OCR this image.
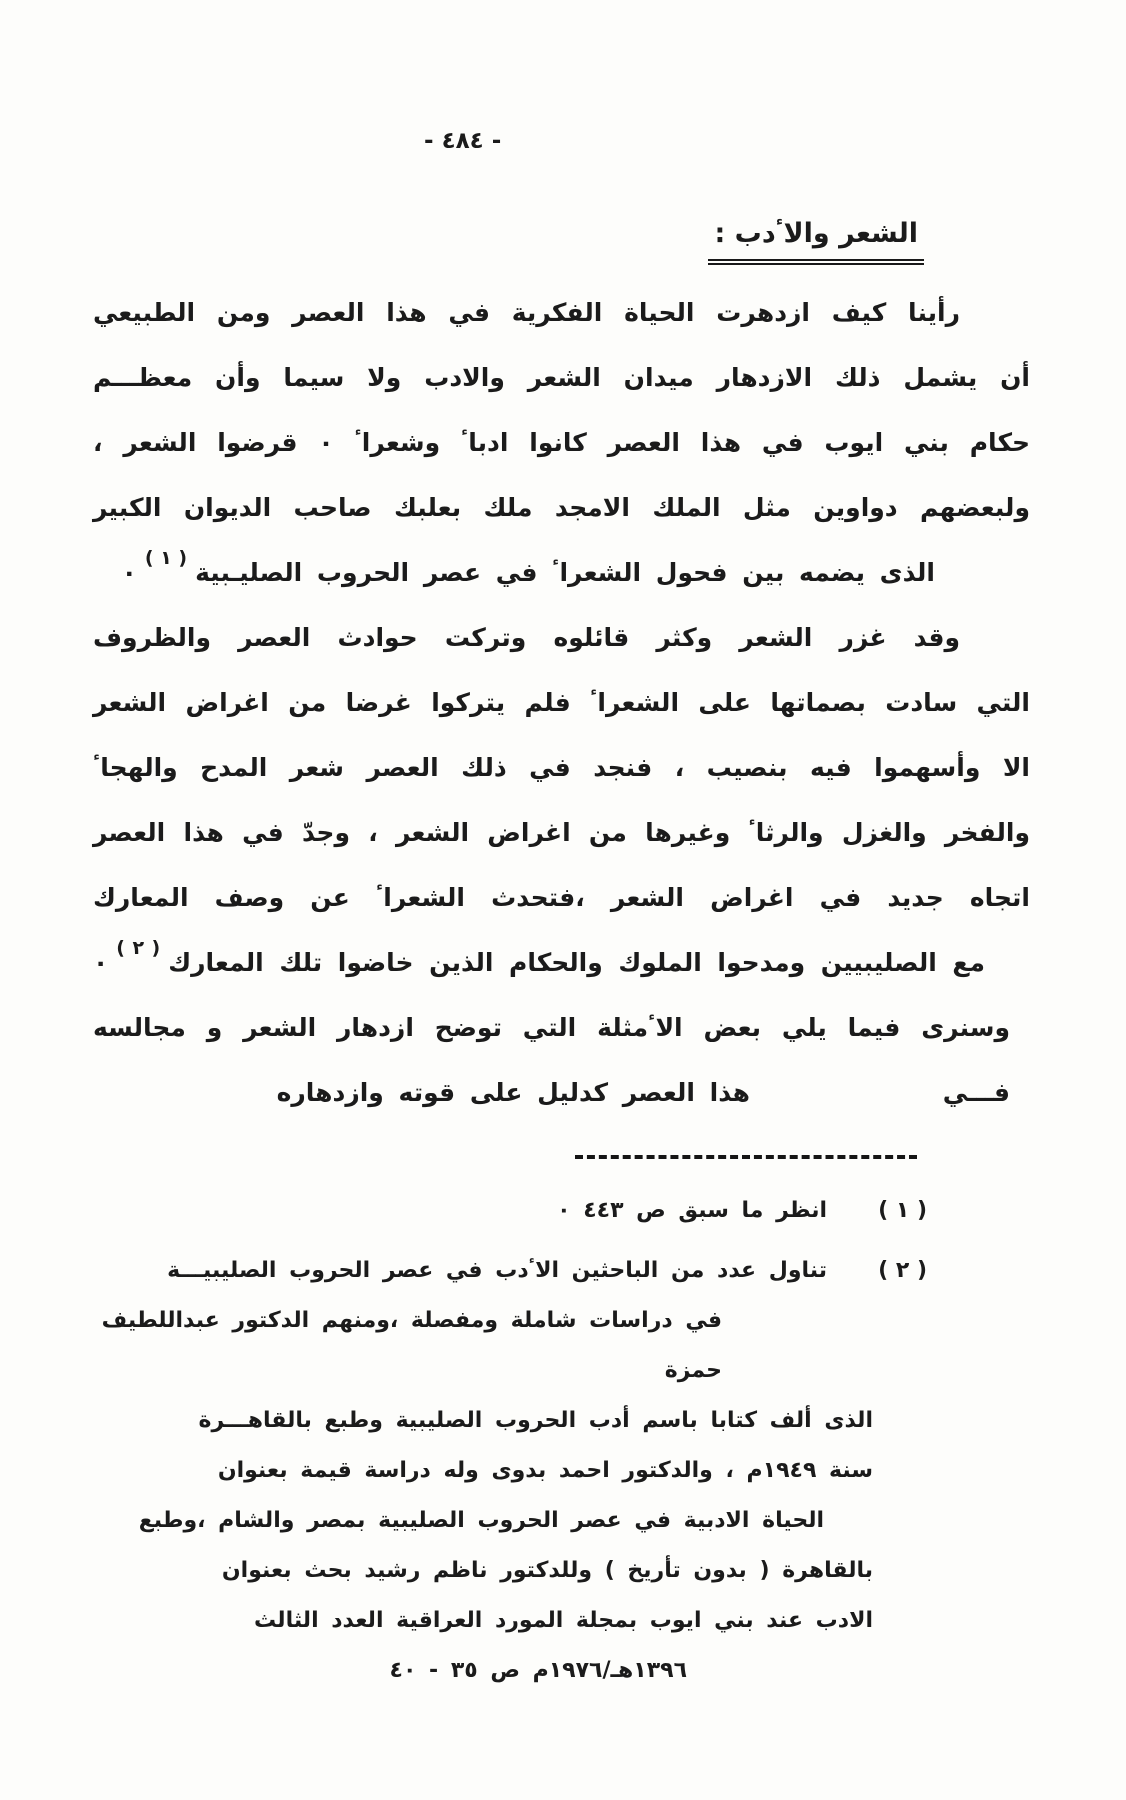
- ٤٨٤ -
الشعر والاٴدب :
رأينا كيف ازدهرت الحياة الفكرية في هذا العصر ومن الطبيعي
أن يشمل ذلك الازدهار ميدان الشعر والادب ولا سيما وأن معظـــم
حكام بني ايوب في هذا العصر كانوا ادباٴ وشعراٴ ٠ قرضوا الشعر ،
ولبعضهم دواوين مثل الملك الامجد ملك بعلبك صاحب الديوان الكبير
الذى يضمه بين فحول الشعراٴ في عصر الحروب الصليـبية$^{( ١ )}$٠
وقد غزر الشعر وكثر قائلوه وتركت حوادث العصر والظروف
التي سادت بصماتها على الشعراٴ فلم يتركوا غرضا من اغراض الشعر
الا وأسهموا فيه بنصيب ، فنجد في ذلك العصر شعر المدح والهجاٴ
والفخر والغزل والرثاٴ وغيرها من اغراض الشعر ، وجدّ في هذا العصر
اتجاه جديد في اغراض الشعر ،فتحدث الشعراٴ عن وصف المعارك
مع الصليبيين ومدحوا الملوك والحكام الذين خاضوا تلك المعارك$^{( ٢ )}$٠
وسنرى فيما يلي بعض الاٴمثلة التي توضح ازدهار الشعر و مجالسه فـــي
هذا العصر كدليل على قوته وازدهاره
( ١ )
انظر ما سبق ص ٤٤٣ ٠
( ٢ )
تناول عدد من الباحثين الاٴدب في عصر الحروب الصليبيـــة
في دراسات شاملة ومفصلة ،ومنهم الدكتور عبداللطيف حمزة
الذى ألف كتابا باسم أدب الحروب الصليبية وطبع بالقاهـــرة
سنة ١٩٤٩م ، والدكتور احمد بدوى وله دراسة قيمة بعنوان
الحياة الادبية في عصر الحروب الصليبية بمصر والشام ،وطبع
بالقاهرة ( بدون تأريخ ) وللدكتور ناظم رشيد بحث بعنوان
الادب عند بني ايوب بمجلة المورد العراقية العدد الثالث
١٣٩٦هـ/١٩٧٦م ص ٣٥ - ٤٠
